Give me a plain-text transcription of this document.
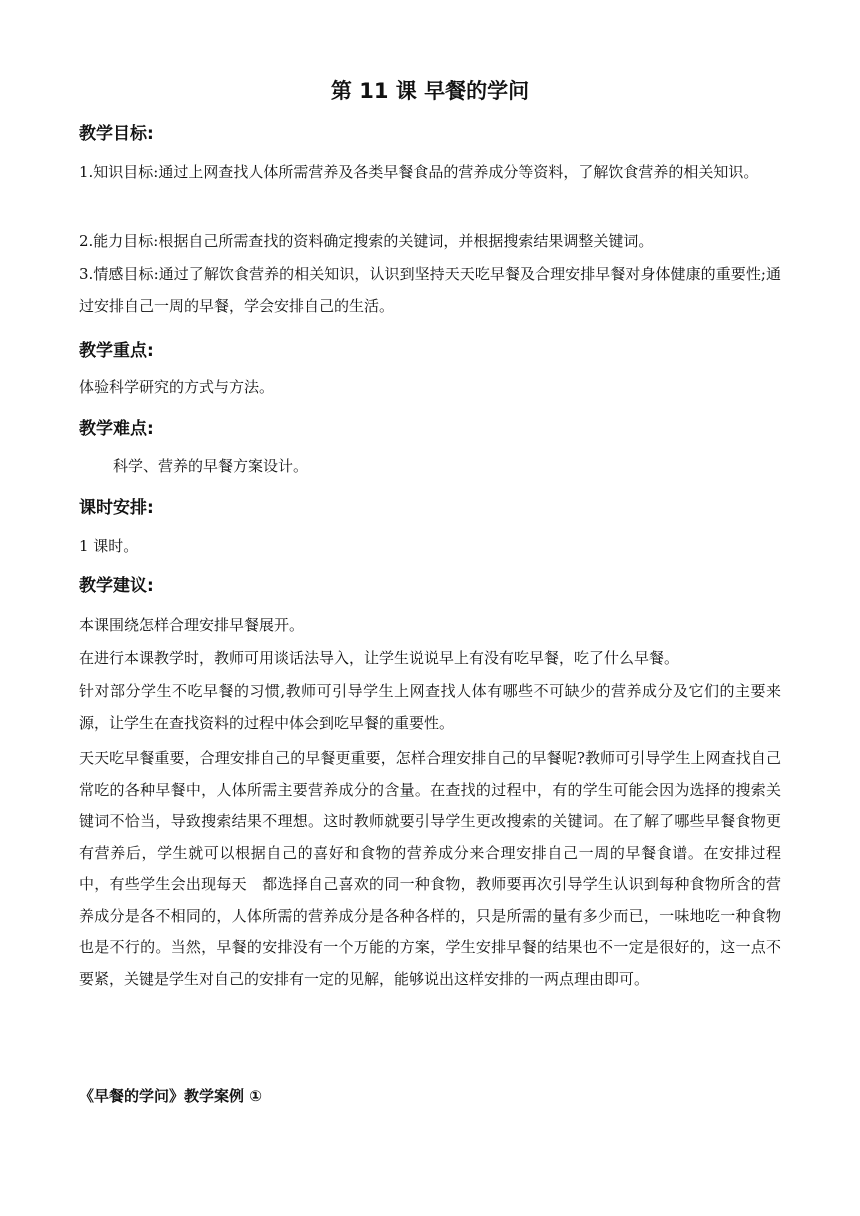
第 11 课 早餐的学问
教学目标:

1.知识目标:通过上网查找人体所需营养及各类早餐食品的营养成分等资料，了解饮食营养的相关知识。

2.能力目标:根据自己所需查找的资料确定搜索的关键词，并根据搜索结果调整关键词。

3.情感目标:通过了解饮食营养的相关知识，认识到坚持天天吃早餐及合理安排早餐对身体健康的重要性;通过安排自己一周的早餐，学会安排自己的生活。

教学重点:

体验科学研究的方式与方法。

教学难点:

科学、营养的早餐方案设计。

课时安排:

1 课时。

教学建议:

本课围绕怎样合理安排早餐展开。

在进行本课教学时，教师可用谈话法导入，让学生说说早上有没有吃早餐，吃了什么早餐。

针对部分学生不吃早餐的习惯,教师可引导学生上网查找人体有哪些不可缺少的营养成分及它们的主要来源，让学生在查找资料的过程中体会到吃早餐的重要性。

天天吃早餐重要，合理安排自己的早餐更重要，怎样合理安排自己的早餐呢?教师可引导学生上网查找自己常吃的各种早餐中，人体所需主要营养成分的含量。在查找的过程中，有的学生可能会因为选择的搜索关键词不恰当，导致搜索结果不理想。这时教师就要引导学生更改搜索的关键词。在了解了哪些早餐食物更有营养后，学生就可以根据自己的喜好和食物的营养成分来合理安排自己一周的早餐食谱。在安排过程中，有些学生会出现每天　都选择自己喜欢的同一种食物，教师要再次引导学生认识到每种食物所含的营养成分是各不相同的，人体所需的营养成分是各种各样的，只是所需的量有多少而已，一味地吃一种食物也是不行的。当然，早餐的安排没有一个万能的方案，学生安排早餐的结果也不一定是很好的，这一点不要紧，关键是学生对自己的安排有一定的见解，能够说出这样安排的一两点理由即可。

《早餐的学问》教学案例 ①
